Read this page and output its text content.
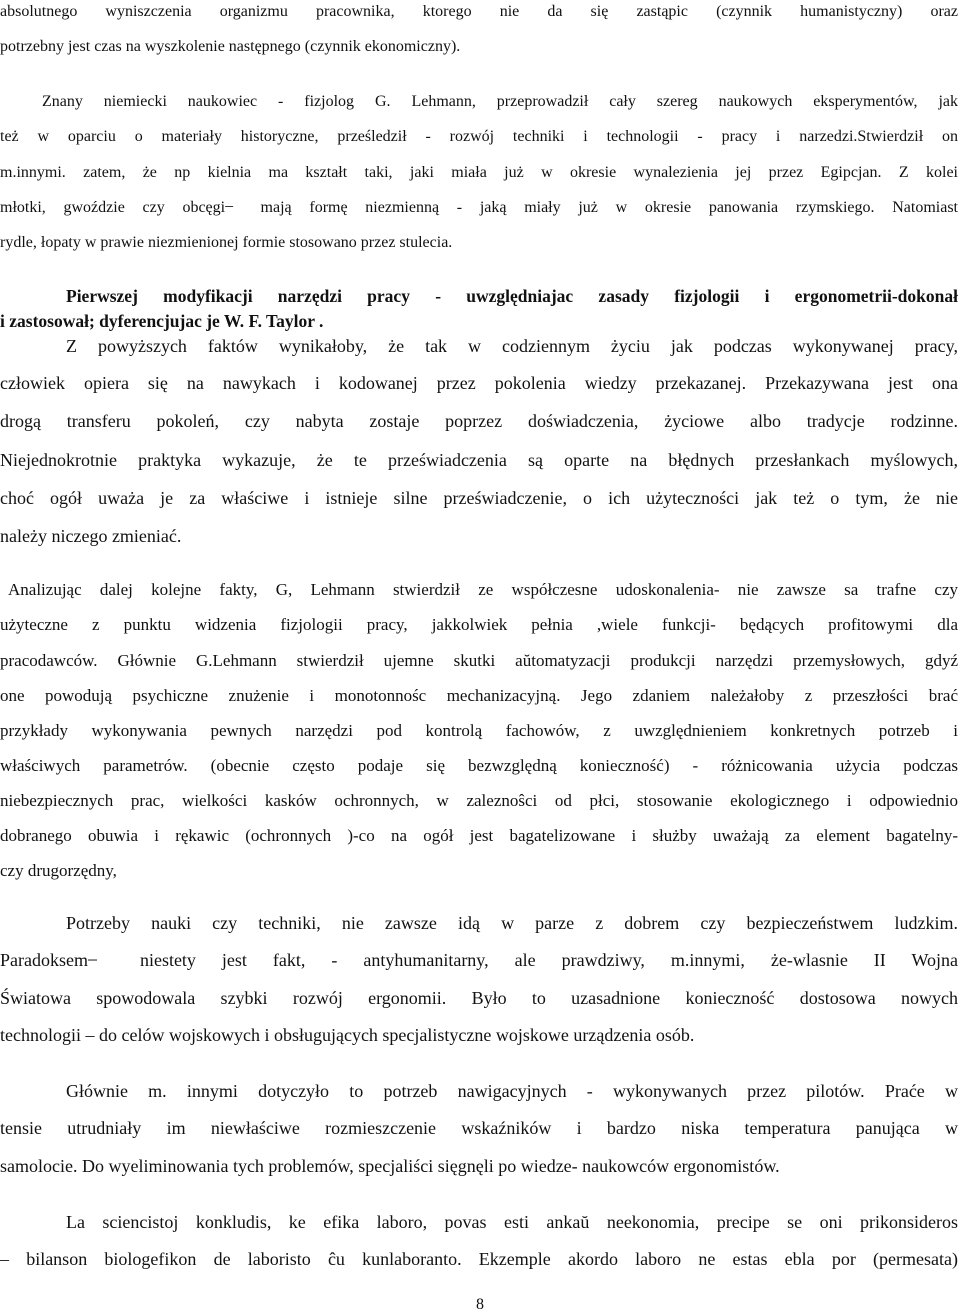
absolutnego wyniszczenia organizmu pracownika, ktorego nie da się zastąpic (czynnik humanistyczny) oraz
potrzebny jest czas na wyszkolenie następnego (czynnik ekonomiczny).
Znany niemiecki naukowiec - fizjolog G. Lehmann, przeprowadził cały szereg naukowych eksperymentów, jak
też w oparciu o materiały historyczne, prześledził - rozwój techniki i technologii - pracy i narzedzi.Stwierdził on
m.innymi. zatem, że np kielnia ma kształt taki, jaki miała już w okresie wynalezienia jej przez Egipcjan. Z kolei
młotki, gwoździe czy obcęgi ̶ mają formę niezmienną - jaką miały już w okresie panowania rzymskiego. Natomiast
rydle, łopaty w prawie niezmienionej formie stosowano przez stulecia.
Pierwszej modyfikacji narzędzi pracy - uwzględniajac zasady fizjologii i ergonometrii-dokonał
i zastosował; dyferencjujac je W. F. Taylor .
Z powyższych faktów wynikałoby, że tak w codziennym życiu jak podczas wykonywanej pracy,
człowiek opiera się na nawykach i kodowanej przez pokolenia wiedzy przekazanej. Przekazywana jest ona
drogą transferu pokoleń, czy nabyta zostaje poprzez doświadczenia, życiowe albo tradycje rodzinne.
Niejednokrotnie praktyka wykazuje, że te przeświadczenia są oparte na błędnych przesłankach myślowych,
choć ogół uważa je za właściwe i istnieje silne przeświadczenie, o ich użyteczności jak też o tym, że nie
należy niczego zmieniać.
Analizując dalej kolejne fakty, G, Lehmann stwierdził ze współczesne udoskonalenia- nie zawsze sa trafne czy
użyteczne z punktu widzenia fizjologii pracy, jakkolwiek pełnia ,wiele funkcji- będących profitowymi dla
pracodawców. Głównie G.Lehmann stwierdził ujemne skutki aŭtomatyzacji produkcji narzędzi przemysłowych, gdyź
one powodują psychiczne znużenie i monotonnośc mechanizacyjną. Jego zdaniem należałoby z przeszłości brać
przykłady wykonywania pewnych narzędzi pod kontrolą fachowów, z uwzględnieniem konkretnych potrzeb i
właściwych parametrów. (obecnie często podaje się bezwzględną konieczność) - różnicowania użycia podczas
niebezpiecznych prac, wielkości kasków ochronnych, w zaleznoŝci od płci, stosowanie ekologicznego i odpowiednio
dobranego obuwia i rękawic (ochronnych )-co na ogół jest bagatelizowane i służby uważają za element bagatelny-
czy drugorzędny,
Potrzeby nauki czy techniki, nie zawsze idą w parze z dobrem czy bezpieczeństwem ludzkim.
Paradoksem ̶ niestety jest fakt, - antyhumanitarny, ale prawdziwy, m.innymi, że-wlasnie II Wojna
Światowa spowodowala szybki rozwój ergonomii. Było to uzasadnione konieczność dostosowa nowych
technologii – do celów wojskowych i obsługujących specjalistyczne wojskowe urządzenia osób.
Głównie m. innymi dotyczyło to potrzeb nawigacyjnych - wykonywanych przez pilotów. Praće w
tensie utrudniały im niewłaściwe rozmieszczenie wskaźników i bardzo niska temperatura panująca w
samolocie. Do wyeliminowania tych problemów, specjaliści sięgnęli po wiedze- naukowców ergonomistów.
La sciencistoj konkludis, ke efika laboro, povas esti ankaŭ neekonomia, precipe se oni prikonsideros
– bilanson biologefikon de laboristo ĉu kunlaboranto. Ekzemple akordo laboro ne estas ebla por (permesata)
8
